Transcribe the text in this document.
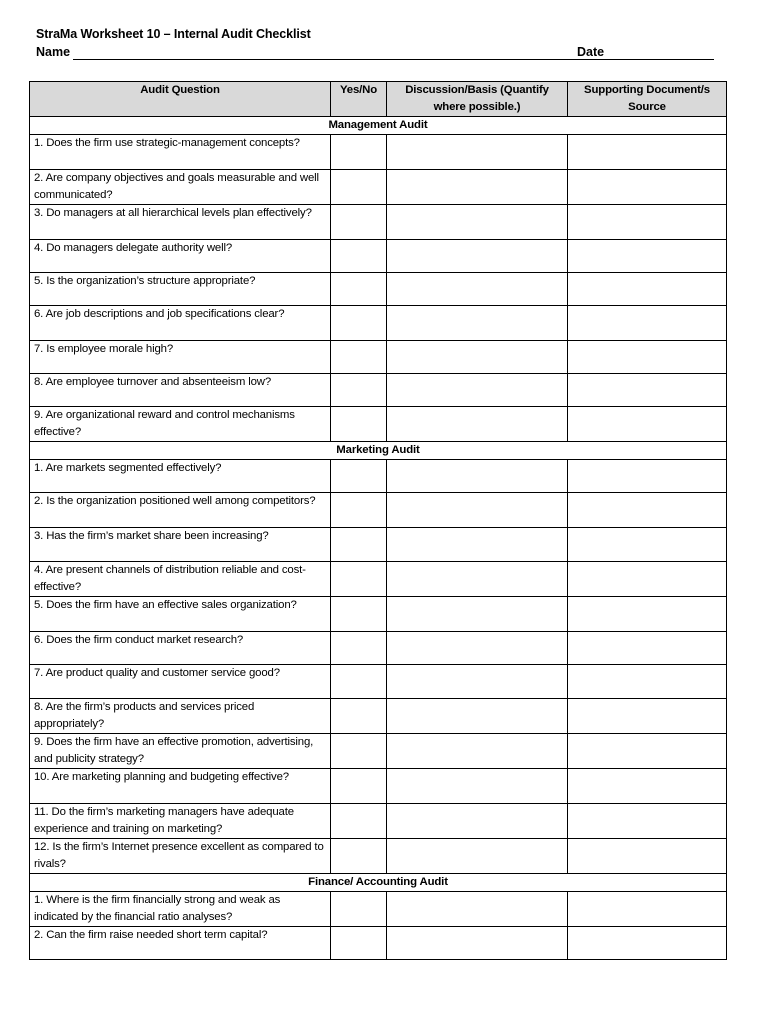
StraMa Worksheet 10 – Internal Audit Checklist
Name	Date
Audit Question	Yes/No	Discussion/Basis (Quantify where possible.)	Supporting Document/s Source
Management Audit			
1. Does the firm use strategic-management concepts?			
2. Are company objectives and goals measurable and well communicated?			
3. Do managers at all hierarchical levels plan effectively?			
4. Do managers delegate authority well?			
5. Is the organization’s structure appropriate?			
6. Are job descriptions and job specifications clear?			
7. Is employee morale high?			
8. Are employee turnover and absenteeism low?			
9. Are organizational reward and control mechanisms effective?			
Marketing Audit			
1. Are markets segmented effectively?			
2. Is the organization positioned well among competitors?			
3. Has the firm’s market share been increasing?			
4. Are present channels of distribution reliable and cost-effective?			
5. Does the firm have an effective sales organization?			
6. Does the firm conduct market research?			
7. Are product quality and customer service good?			
8. Are the firm’s products and services priced appropriately?			
9. Does the firm have an effective promotion, advertising, and publicity strategy?			
10. Are marketing planning and budgeting effective?			
11. Do the firm’s marketing managers have adequate experience and training on marketing?			
12. Is the firm’s Internet presence excellent as compared to rivals?			
Finance/ Accounting Audit			
1. Where is the firm financially strong and weak as indicated by the financial ratio analyses?			
2. Can the firm raise needed short term capital?			
